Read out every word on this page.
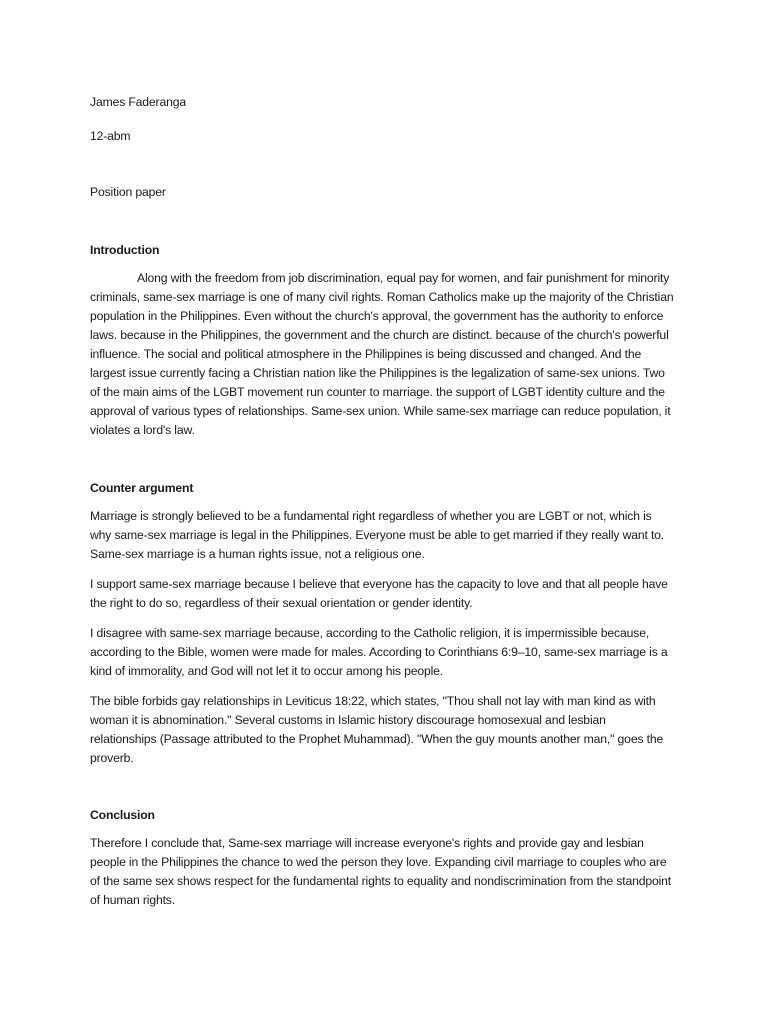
James Faderanga

12-abm

Position paper

Introduction

Along with the freedom from job discrimination, equal pay for women, and fair punishment for minority criminals, same-sex marriage is one of many civil rights. Roman Catholics make up the majority of the Christian population in the Philippines. Even without the church's approval, the government has the authority to enforce laws. because in the Philippines, the government and the church are distinct. because of the church's powerful influence. The social and political atmosphere in the Philippines is being discussed and changed. And the largest issue currently facing a Christian nation like the Philippines is the legalization of same-sex unions. Two of the main aims of the LGBT movement run counter to marriage. the support of LGBT identity culture and the approval of various types of relationships. Same-sex union. While same-sex marriage can reduce population, it violates a lord's law.

Counter argument

Marriage is strongly believed to be a fundamental right regardless of whether you are LGBT or not, which is why same-sex marriage is legal in the Philippines. Everyone must be able to get married if they really want to. Same-sex marriage is a human rights issue, not a religious one.

I support same-sex marriage because I believe that everyone has the capacity to love and that all people have the right to do so, regardless of their sexual orientation or gender identity.

I disagree with same-sex marriage because, according to the Catholic religion, it is impermissible because, according to the Bible, women were made for males. According to Corinthians 6:9–10, same-sex marriage is a kind of immorality, and God will not let it to occur among his people.

The bible forbids gay relationships in Leviticus 18:22, which states, "Thou shall not lay with man kind as with woman it is abnomination." Several customs in Islamic history discourage homosexual and lesbian relationships (Passage attributed to the Prophet Muhammad). "When the guy mounts another man," goes the proverb.

Conclusion

Therefore I conclude that, Same-sex marriage will increase everyone's rights and provide gay and lesbian people in the Philippines the chance to wed the person they love. Expanding civil marriage to couples who are of the same sex shows respect for the fundamental rights to equality and nondiscrimination from the standpoint of human rights.
